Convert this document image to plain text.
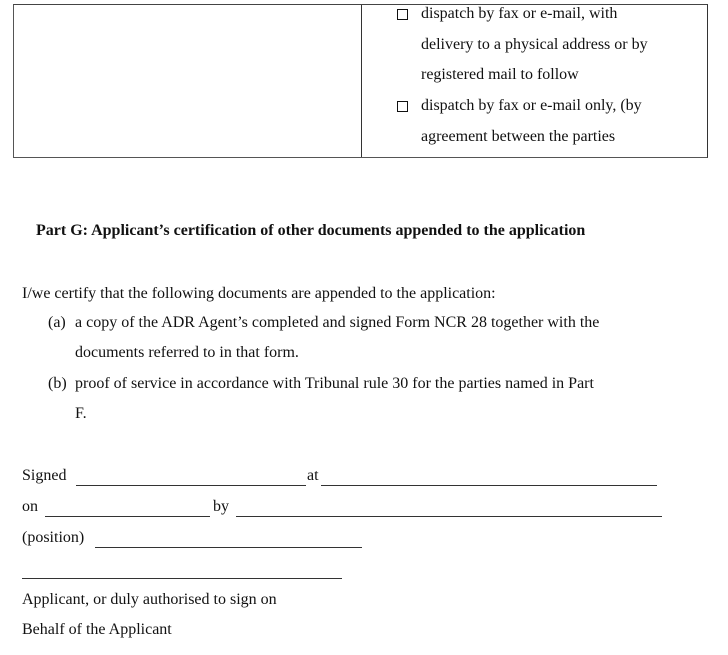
dispatch by fax or e-mail, with
delivery to a physical address or by
registered mail to follow
dispatch by fax or e-mail only, (by
agreement between the parties
Part G: Applicant’s certification of other documents appended to the application
I/we certify that the following documents are appended to the application:
(a) a copy of the ADR Agent’s completed and signed Form NCR 28 together with the
documents referred to in that form.
(b) proof of service in accordance with Tribunal rule 30 for the parties named in Part
F.
Signed	at
on	by
(position)
Applicant, or duly authorised to sign on
Behalf of the Applicant
